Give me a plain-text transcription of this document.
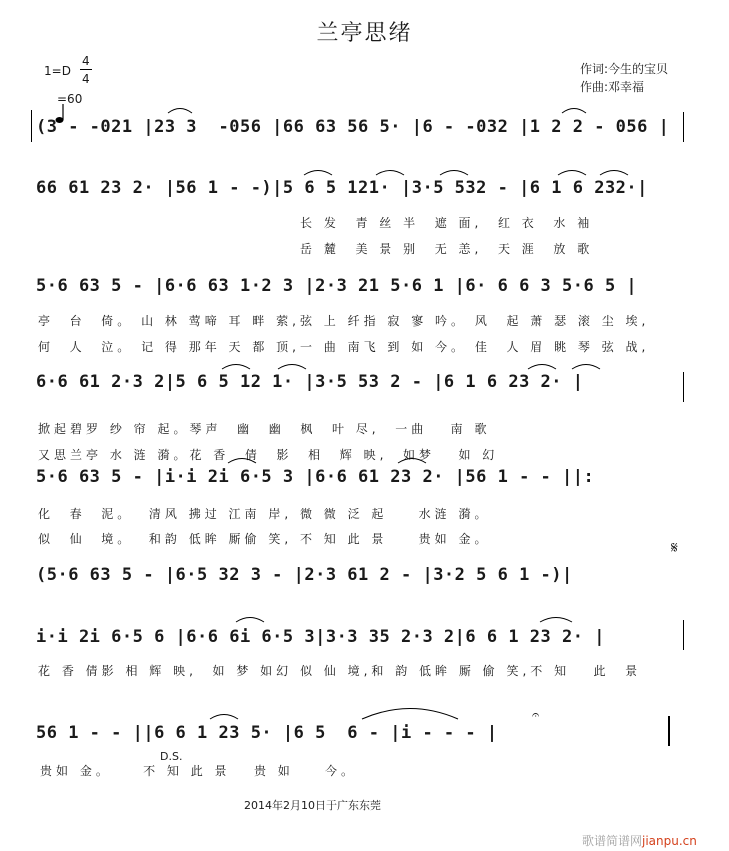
兰亭思绪
作词:今生的宝贝
作曲:邓幸福
1=D
4
4

=60
(3 - -021 |23 3  -056 |66 63 56 5· |6 - -032 |1 2 2 - 056 |
66 61 23 2· |56 1 - -)|5 6 5 121· |3·5 532 - |6 1 6 232·|
长 发  青 丝 半  遮 面,  红 衣  水 袖
岳 麓  美 景 别  无 恙,  天 涯  放 歌
5·6 63 5 - |6·6 63 1·2 3 |2·3 21 5·6 1 |6· 6 6 3 5·6 5 |
亭  台  倚。 山 林 莺啼 耳 畔 萦,弦 上 纤指 寂 寥 吟。 风  起 萧 瑟 滚 尘 埃,
何  人  泣。 记 得 那年 天 都 顶,一 曲 南飞 到 如 今。 佳  人 眉 眺 琴 弦 战,
6·6 61 2·3 2|5 6 5 12 1· |3·5 53 2 - |6 1 6 23 2· |
掀起碧罗 纱 帘 起。琴声  幽  幽  枫  叶 尽,  一曲   南 歌
又思兰亭 水 涟 漪。花 香  倩  影  相  辉 映,  如梦   如 幻
5·6 63 5 - |i·i 2i 6·5 3 |6·6 61 23 2· |56 1 - - ||:
化  春  泥。  清风 拂过 江南 岸, 微 微 泛 起    水涟 漪。
似  仙  境。  和韵 低眸 厮偷 笑, 不 知 此 景    贵如 金。	𝄋
(5·6 63 5 - |6·5 32 3 - |2·3 61 2 - |3·2 5 6 1 -)|
i·i 2i 6·5 6 |6·6 6i 6·5 3|3·3 35 2·3 2|6 6 1 23 2· |
花 香 倩影 相 辉 映,  如 梦 如幻 似 仙 境,和 韵 低眸 厮 偷 笑,不 知   此  景
56 1 - - ||6 6 1 23 5· |6 5  6 - |i - - - |
D.S.
贵如 金。    不 知 此 景   贵 如    今。
𝄐
2014年2月10日于广东东莞
歌谱简谱网jianpu.cn
